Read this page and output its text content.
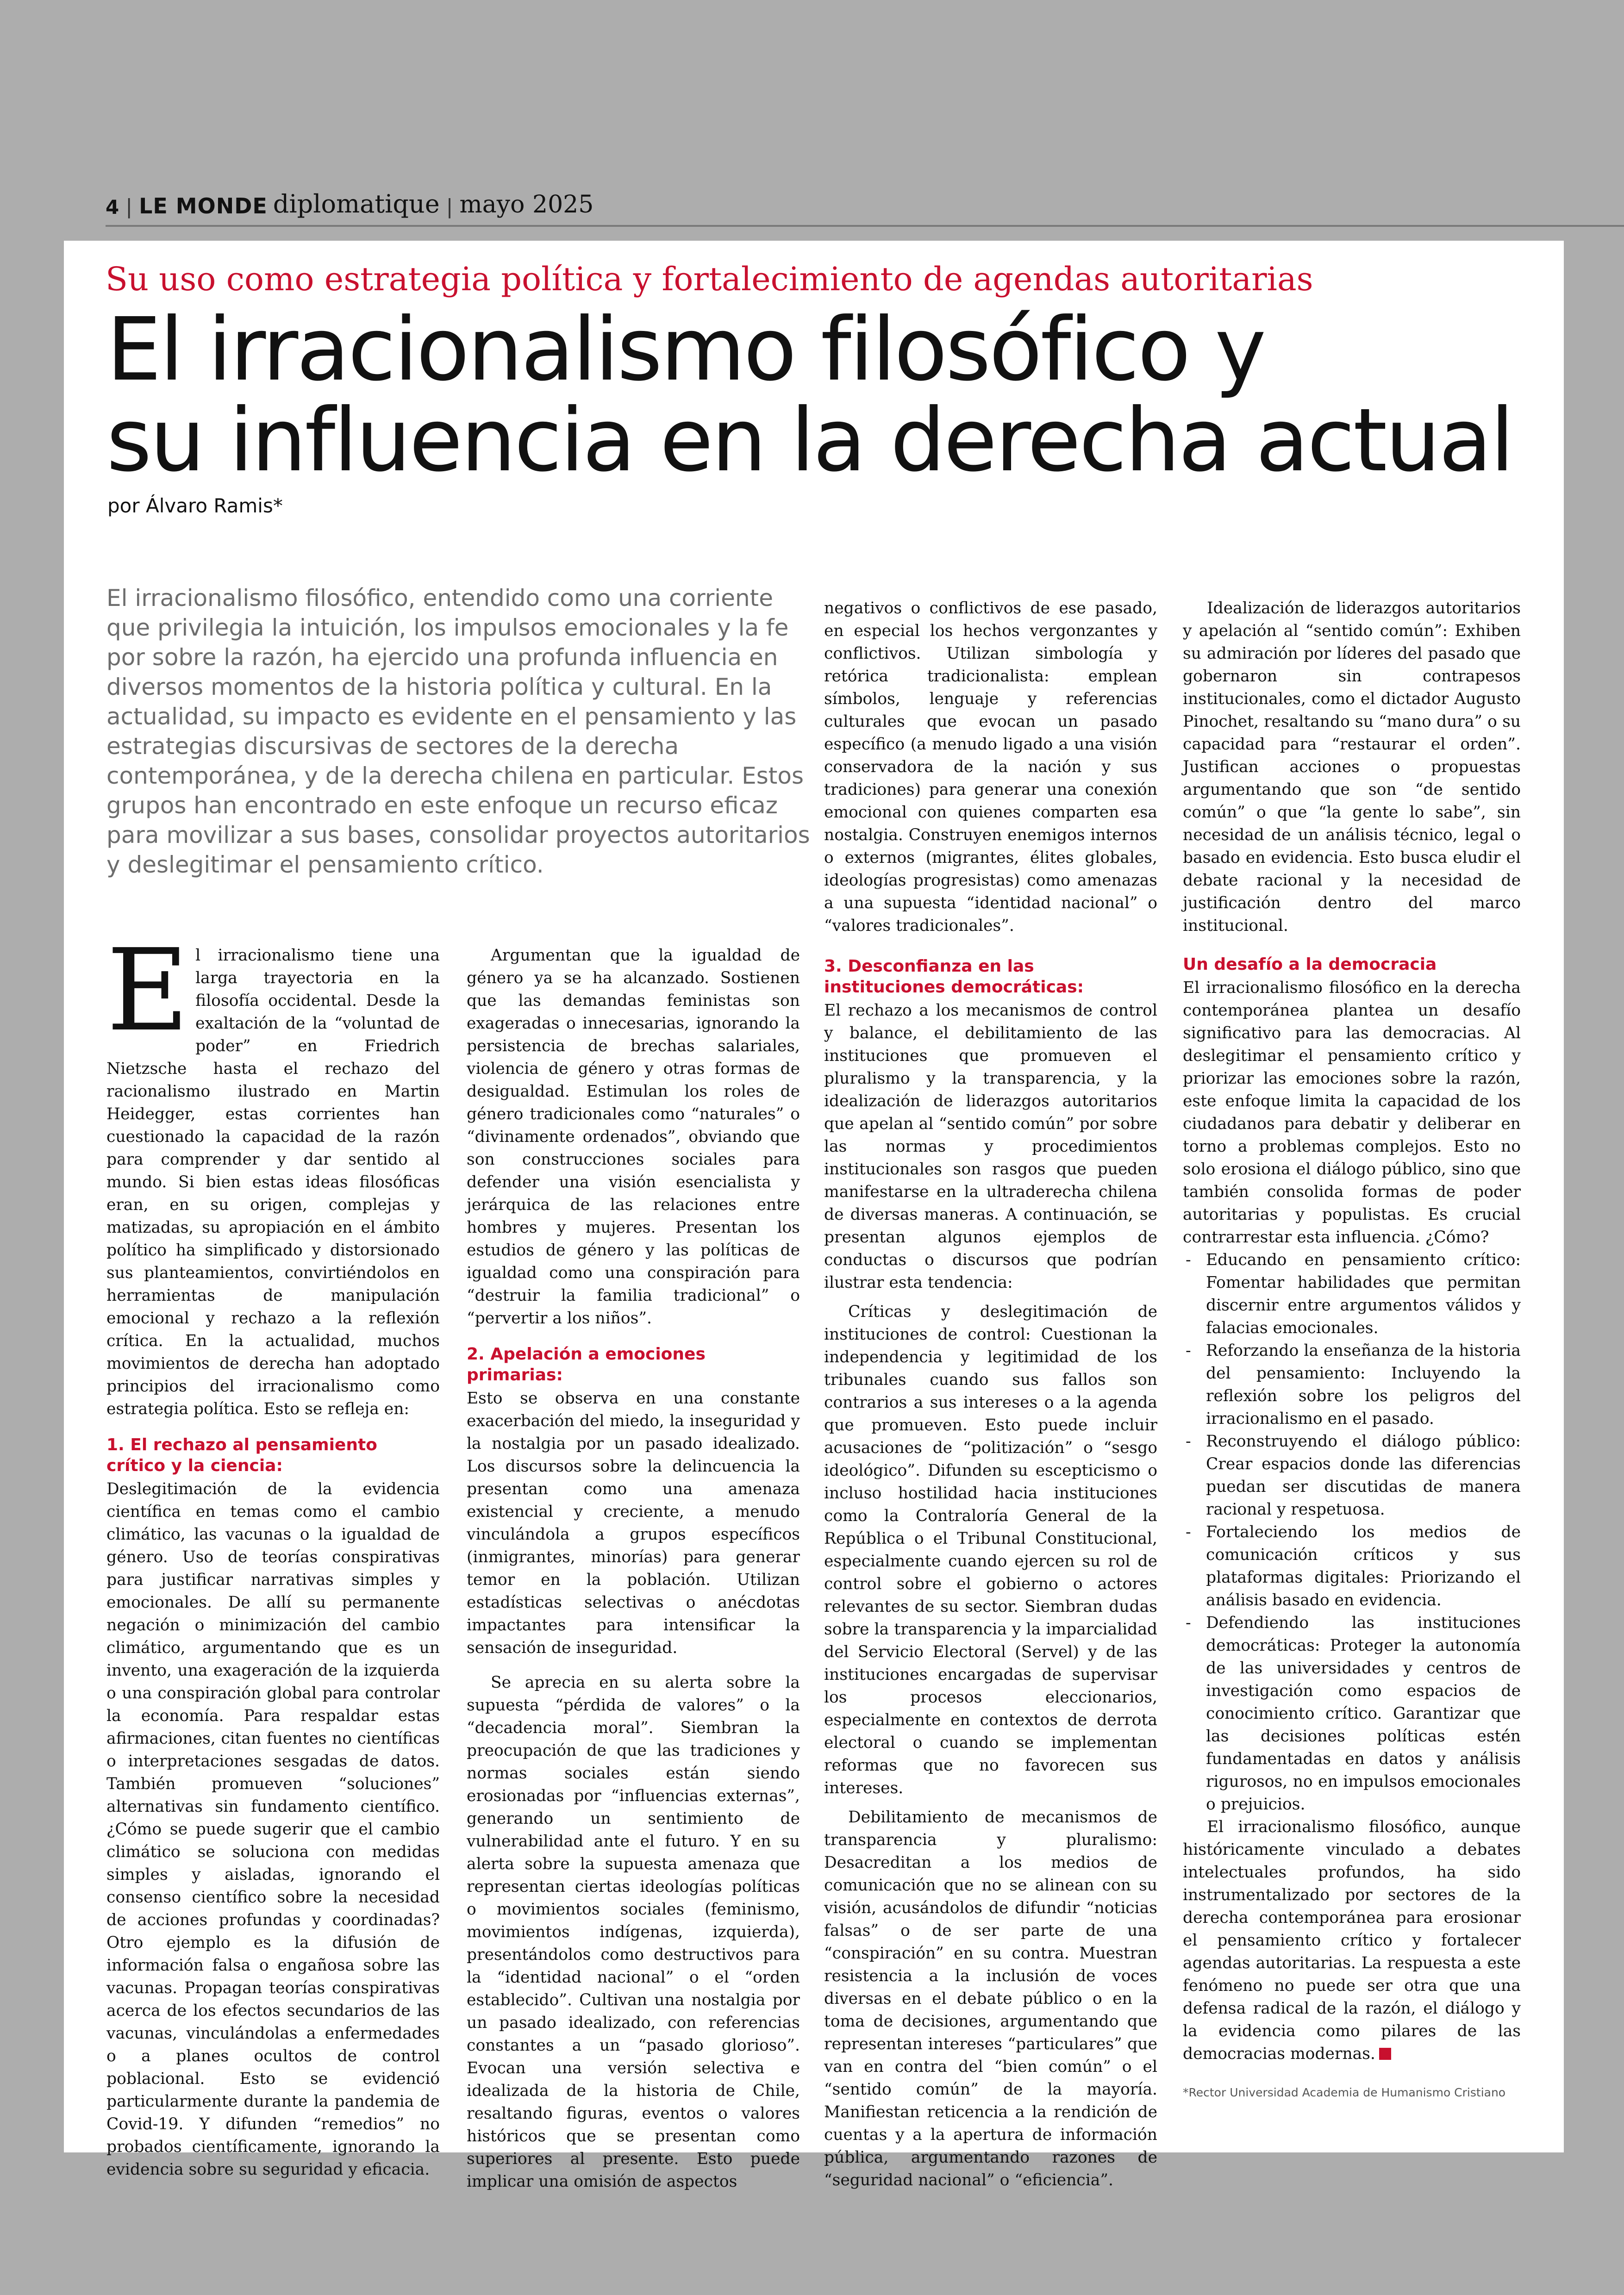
4 | LE MONDE diplomatique | mayo 2025
Su uso como estrategia política y fortalecimiento de agendas autoritarias
El irracionalismo filosófico y
su influencia en la derecha actual
por Álvaro Ramis*

El irracionalismo filosófico, entendido como una corriente que privilegia la intuición, los impulsos emocionales y la fe por sobre la razón, ha ejercido una profunda influencia en diversos momentos de la historia política y cultural. En la actualidad, su impacto es evidente en el pensamiento y las estrategias discursivas de sectores de la derecha contemporánea, y de la derecha chilena en particular. Estos grupos han encontrado en este enfoque un recurso eficaz para movilizar a sus bases, consolidar proyectos autoritarios y deslegitimar el pensamiento crítico.

El irracionalismo tiene una larga trayectoria en la filosofía occidental. Desde la exaltación de la “voluntad de poder” en Friedrich Nietzsche hasta el rechazo del racionalismo ilustrado en Martin Heidegger, estas corrientes han cuestionado la capacidad de la razón para comprender y dar sentido al mundo. Si bien estas ideas filosóficas eran, en su origen, complejas y matizadas, su apropiación en el ámbito político ha simplificado y distorsionado sus planteamientos, convirtiéndolos en herramientas de manipulación emocional y rechazo a la reflexión crítica. En la actualidad, muchos movimientos de derecha han adoptado principios del irracionalismo como estrategia política. Esto se refleja en:

1. El rechazo al pensamiento crítico y la ciencia:

Deslegitimación de la evidencia científica en temas como el cambio climático, las vacunas o la igualdad de género. Uso de teorías conspirativas para justificar narrativas simples y emocionales. De allí su permanente negación o minimización del cambio climático, argumentando que es un invento, una exageración de la izquierda o una conspiración global para controlar la economía. Para respaldar estas afirmaciones, citan fuentes no científicas o interpretaciones sesgadas de datos. También promueven “soluciones” alternativas sin fundamento científico. ¿Cómo se puede sugerir que el cambio climático se soluciona con medidas simples y aisladas, ignorando el consenso científico sobre la necesidad de acciones profundas y coordinadas? Otro ejemplo es la difusión de información falsa o engañosa sobre las vacunas. Propagan teorías conspirativas acerca de los efectos secundarios de las vacunas, vinculándolas a enfermedades o a planes ocultos de control poblacional. Esto se evidenció particularmente durante la pandemia de Covid-19. Y difunden “remedios” no probados científicamente, ignorando la evidencia sobre su seguridad y eficacia.

Argumentan que la igualdad de género ya se ha alcanzado. Sostienen que las demandas feministas son exageradas o innecesarias, ignorando la persistencia de brechas salariales, violencia de género y otras formas de desigualdad. Estimulan los roles de género tradicionales como “naturales” o “divinamente ordenados”, obviando que son construcciones sociales para defender una visión esencialista y jerárquica de las relaciones entre hombres y mujeres. Presentan los estudios de género y las políticas de igualdad como una conspiración para “destruir la familia tradicional” o “pervertir a los niños”.

2. Apelación a emociones primarias:

Esto se observa en una constante exacerbación del miedo, la inseguridad y la nostalgia por un pasado idealizado. Los discursos sobre la delincuencia la presentan como una amenaza existencial y creciente, a menudo vinculándola a grupos específicos (inmigrantes, minorías) para generar temor en la población. Utilizan estadísticas selectivas o anécdotas impactantes para intensificar la sensación de inseguridad.

Se aprecia en su alerta sobre la supuesta “pérdida de valores” o la “decadencia moral”. Siembran la preocupación de que las tradiciones y normas sociales están siendo erosionadas por “influencias externas”, generando un sentimiento de vulnerabilidad ante el futuro. Y en su alerta sobre la supuesta amenaza que representan ciertas ideologías políticas o movimientos sociales (feminismo, movimientos indígenas, izquierda), presentándolos como destructivos para la “identidad nacional” o el “orden establecido”. Cultivan una nostalgia por un pasado idealizado, con referencias constantes a un “pasado glorioso”. Evocan una versión selectiva e idealizada de la historia de Chile, resaltando figuras, eventos o valores históricos que se presentan como superiores al presente. Esto puede implicar una omisión de aspectos

negativos o conflictivos de ese pasado, en especial los hechos vergonzantes y conflictivos. Utilizan simbología y retórica tradicionalista: emplean símbolos, lenguaje y referencias culturales que evocan un pasado específico (a menudo ligado a una visión conservadora de la nación y sus tradiciones) para generar una conexión emocional con quienes comparten esa nostalgia. Construyen enemigos internos o externos (migrantes, élites globales, ideologías progresistas) como amenazas a una supuesta “identidad nacional” o “valores tradicionales”.

3. Desconfianza en las instituciones democráticas:

El rechazo a los mecanismos de control y balance, el debilitamiento de las instituciones que promueven el pluralismo y la transparencia, y la idealización de liderazgos autoritarios que apelan al “sentido común” por sobre las normas y procedimientos institucionales son rasgos que pueden manifestarse en la ultraderecha chilena de diversas maneras. A continuación, se presentan algunos ejemplos de conductas o discursos que podrían ilustrar esta tendencia:

Críticas y deslegitimación de instituciones de control: Cuestionan la independencia y legitimidad de los tribunales cuando sus fallos son contrarios a sus intereses o a la agenda que promueven. Esto puede incluir acusaciones de “politización” o “sesgo ideológico”. Difunden su escepticismo o incluso hostilidad hacia instituciones como la Contraloría General de la República o el Tribunal Constitucional, especialmente cuando ejercen su rol de control sobre el gobierno o actores relevantes de su sector. Siembran dudas sobre la transparencia y la imparcialidad del Servicio Electoral (Servel) y de las instituciones encargadas de supervisar los procesos eleccionarios, especialmente en contextos de derrota electoral o cuando se implementan reformas que no favorecen sus intereses.

Debilitamiento de mecanismos de transparencia y pluralismo: Desacreditan a los medios de comunicación que no se alinean con su visión, acusándolos de difundir “noticias falsas” o de ser parte de una “conspiración” en su contra. Muestran resistencia a la inclusión de voces diversas en el debate público o en la toma de decisiones, argumentando que representan intereses “particulares” que van en contra del “bien común” o el “sentido común” de la mayoría. Manifiestan reticencia a la rendición de cuentas y a la apertura de información pública, argumentando razones de “seguridad nacional” o “eficiencia”.

Idealización de liderazgos autoritarios y apelación al “sentido común”: Exhiben su admiración por líderes del pasado que gobernaron sin contrapesos institucionales, como el dictador Augusto Pinochet, resaltando su “mano dura” o su capacidad para “restaurar el orden”. Justifican acciones o propuestas argumentando que son “de sentido común” o que “la gente lo sabe”, sin necesidad de un análisis técnico, legal o basado en evidencia. Esto busca eludir el debate racional y la necesidad de justificación dentro del marco institucional.

Un desafío a la democracia

El irracionalismo filosófico en la derecha contemporánea plantea un desafío significativo para las democracias. Al deslegitimar el pensamiento crítico y priorizar las emociones sobre la razón, este enfoque limita la capacidad de los ciudadanos para debatir y deliberar en torno a problemas complejos. Esto no solo erosiona el diálogo público, sino que también consolida formas de poder autoritarias y populistas. Es crucial contrarrestar esta influencia. ¿Cómo?

- Educando en pensamiento crítico: Fomentar habilidades que permitan discernir entre argumentos válidos y falacias emocionales.
- Reforzando la enseñanza de la historia del pensamiento: Incluyendo la reflexión sobre los peligros del irracionalismo en el pasado.
- Reconstruyendo el diálogo público: Crear espacios donde las diferencias puedan ser discutidas de manera racional y respetuosa.
- Fortaleciendo los medios de comunicación críticos y sus plataformas digitales: Priorizando el análisis basado en evidencia.
- Defendiendo las instituciones democráticas: Proteger la autonomía de las universidades y centros de investigación como espacios de conocimiento crítico. Garantizar que las decisiones políticas estén fundamentadas en datos y análisis rigurosos, no en impulsos emocionales o prejuicios.

El irracionalismo filosófico, aunque históricamente vinculado a debates intelectuales profundos, ha sido instrumentalizado por sectores de la derecha contemporánea para erosionar el pensamiento crítico y fortalecer agendas autoritarias. La respuesta a este fenómeno no puede ser otra que una defensa radical de la razón, el diálogo y la evidencia como pilares de las democracias modernas.

*Rector Universidad Academia de Humanismo Cristiano
